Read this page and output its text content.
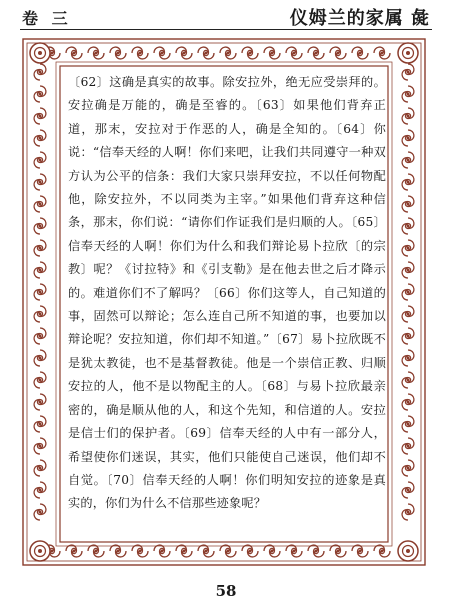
卷 三	仪姆兰的家属 彘

〔62〕这确是真实的故事。除安拉外，绝无应受崇拜的。安拉确是万能的，确是至睿的。〔63〕如果他们背弃正道，那末，安拉对于作恶的人，确是全知的。〔64〕你说：“信奉天经的人啊！你们来吧，让我们共同遵守一种双方认为公平的信条：我们大家只崇拜安拉，不以任何物配他，除安拉外，不以同类为主宰。”如果他们背弃这种信条，那末，你们说：“请你们作证我们是归顺的人。〔65〕信奉天经的人啊！你们为什么和我们辩论易卜拉欣〔的宗教〕呢？《讨拉特》和《引支勒》是在他去世之后才降示的。难道你们不了解吗？〔66〕你们这等人，自己知道的事，固然可以辩论；怎么连自己所不知道的事，也要加以辩论呢？安拉知道，你们却不知道。”〔67〕易卜拉欣既不是犹太教徒，也不是基督教徒。他是一个崇信正教、归顺安拉的人，他不是以物配主的人。〔68〕与易卜拉欣最亲密的，确是顺从他的人，和这个先知，和信道的人。安拉是信士们的保护者。〔69〕信奉天经的人中有一部分人，希望使你们迷误，其实，他们只能使自己迷误，他们却不自觉。〔70〕信奉天经的人啊！你们明知安拉的迹象是真实的，你们为什么不信那些迹象呢？

58
